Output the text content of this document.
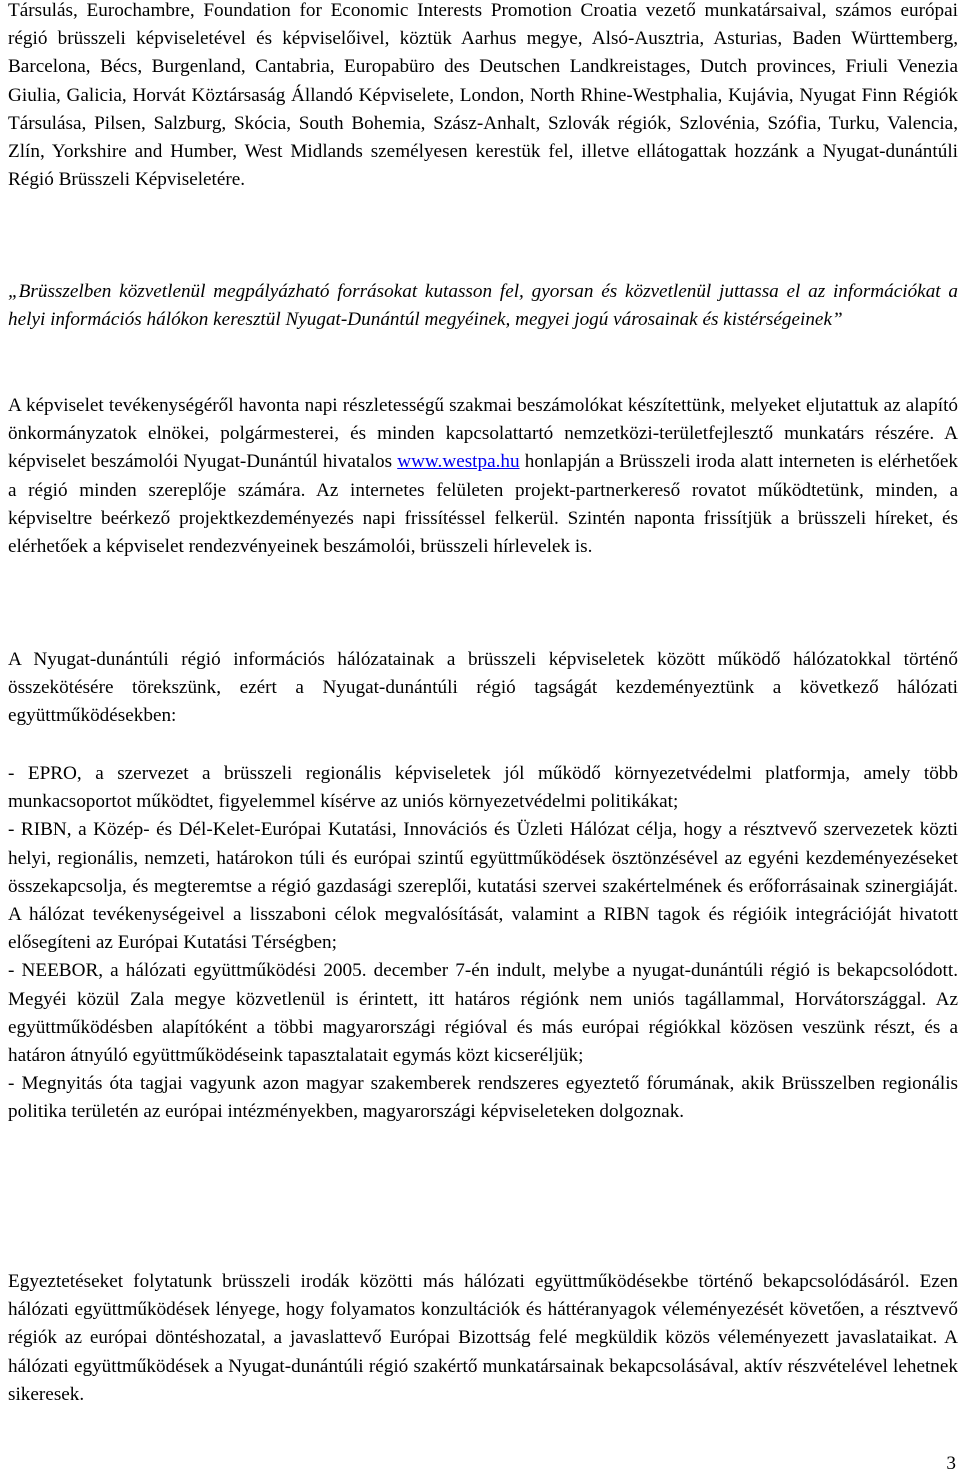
Társulás, Eurochambre, Foundation for Economic Interests Promotion Croatia vezető munkatársaival, számos európai régió brüsszeli képviseletével és képviselőivel, köztük Aarhus megye, Alsó-Ausztria, Asturias, Baden Württemberg, Barcelona, Bécs, Burgenland, Cantabria, Europabüro des Deutschen Landkreistages, Dutch provinces, Friuli Venezia Giulia, Galicia, Horvát Köztársaság Állandó Képviselete, London, North Rhine-Westphalia, Kujávia, Nyugat Finn Régiók Társulása, Pilsen, Salzburg, Skócia, South Bohemia, Szász-Anhalt, Szlovák régiók, Szlovénia, Szófia, Turku, Valencia, Zlín, Yorkshire and Humber, West Midlands személyesen kerestük fel, illetve ellátogattak hozzánk a Nyugat-dunántúli Régió Brüsszeli Képviseletére.

„Brüsszelben közvetlenül megpályázható forrásokat kutasson fel, gyorsan és közvetlenül juttassa el az információkat a helyi információs hálókon keresztül Nyugat-Dunántúl megyéinek, megyei jogú városainak és kistérségeinek”

A képviselet tevékenységéről havonta napi részletességű szakmai beszámolókat készítettünk, melyeket eljutattuk az alapító önkormányzatok elnökei, polgármesterei, és minden kapcsolattartó nemzetközi-területfejlesztő munkatárs részére. A képviselet beszámolói Nyugat-Dunántúl hivatalos www.westpa.hu honlapján a Brüsszeli iroda alatt interneten is elérhetőek a régió minden szereplője számára. Az internetes felületen projekt-partnerkereső rovatot működtetünk, minden, a képviseltre beérkező projektkezdeményezés napi frissítéssel felkerül. Szintén naponta frissítjük a brüsszeli híreket, és elérhetőek a képviselet rendezvényeinek beszámolói, brüsszeli hírlevelek is.

A Nyugat-dunántúli régió információs hálózatainak a brüsszeli képviseletek között működő hálózatokkal történő összekötésére törekszünk, ezért a Nyugat-dunántúli régió tagságát kezdeményeztünk a következő hálózati együttműködésekben:

- EPRO, a szervezet a brüsszeli regionális képviseletek jól működő környezetvédelmi platformja, amely több munkacsoportot működtet, figyelemmel kísérve az uniós környezetvédelmi politikákat;

- RIBN, a Közép- és Dél-Kelet-Európai Kutatási, Innovációs és Üzleti Hálózat célja, hogy a résztvevő szervezetek közti helyi, regionális, nemzeti, határokon túli és európai szintű együttműködések ösztönzésével az egyéni kezdeményezéseket összekapcsolja, és megteremtse a régió gazdasági szereplői, kutatási szervei szakértelmének és erőforrásainak szinergiáját. A hálózat tevékenységeivel a lisszaboni célok megvalósítását, valamint a RIBN tagok és régióik integrációját hivatott elősegíteni az Európai Kutatási Térségben;

- NEEBOR, a hálózati együttműködési 2005. december 7-én indult, melybe a nyugat-dunántúli régió is bekapcsolódott. Megyéi közül Zala megye közvetlenül is érintett, itt határos régiónk nem uniós tagállammal, Horvátországgal. Az együttműködésben alapítóként a többi magyarországi régióval és más európai régiókkal közösen veszünk részt, és a határon átnyúló együttműködéseink tapasztalatait egymás közt kicseréljük;

- Megnyitás óta tagjai vagyunk azon magyar szakemberek rendszeres egyeztető fórumának, akik Brüsszelben regionális politika területén az európai intézményekben, magyarországi képviseleteken dolgoznak.

Egyeztetéseket folytatunk brüsszeli irodák közötti más hálózati együttműködésekbe történő bekapcsolódásáról. Ezen hálózati együttműködések lényege, hogy folyamatos konzultációk és háttéranyagok véleményezését követően, a résztvevő régiók az európai döntéshozatal, a javaslattevő Európai Bizottság felé megküldik közös véleményezett javaslataikat. A hálózati együttműködések a Nyugat-dunántúli régió szakértő munkatársainak bekapcsolásával, aktív részvételével lehetnek sikeresek.

3
